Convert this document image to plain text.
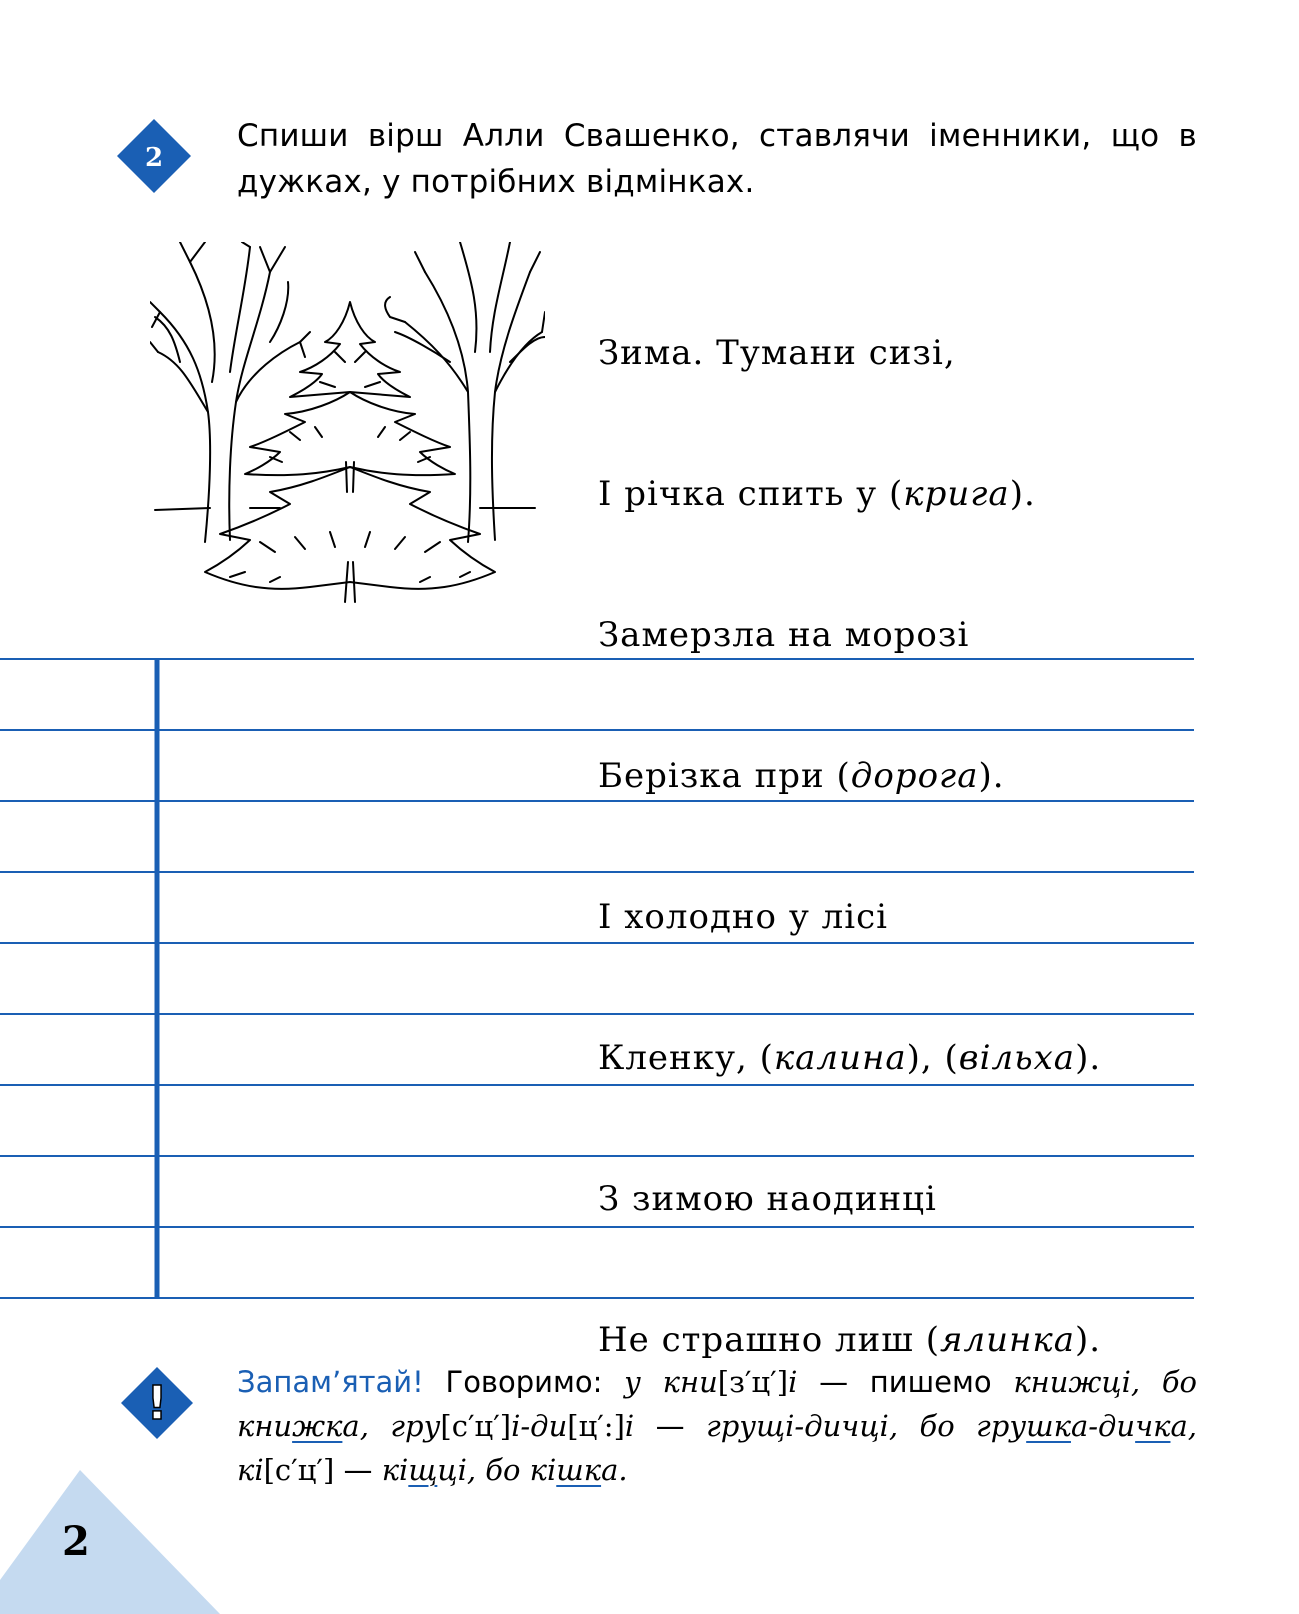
2
Спиши вірш Алли Свашенко, ставлячи іменники, що в дужках, у потрібних відмінках.

Зима. Тумани сизі,

І річка спить у (крига).

Замерзла на морозі

Берізка при (дорога).

І холодно у лісі

Кленку, (калина), (вільха).

З зимою наодинці

Не страшно лиш (ялинка).

! Запам’ятай! Говоримо: у кни[з′ц′]і — пишемо книжці, бо книжка, гру[с′ц′]і-ди[ц′:]і — грущі-дичці, бо грушка-дичка, кі[с′ц′] — кіщці, бо кішка.
2
